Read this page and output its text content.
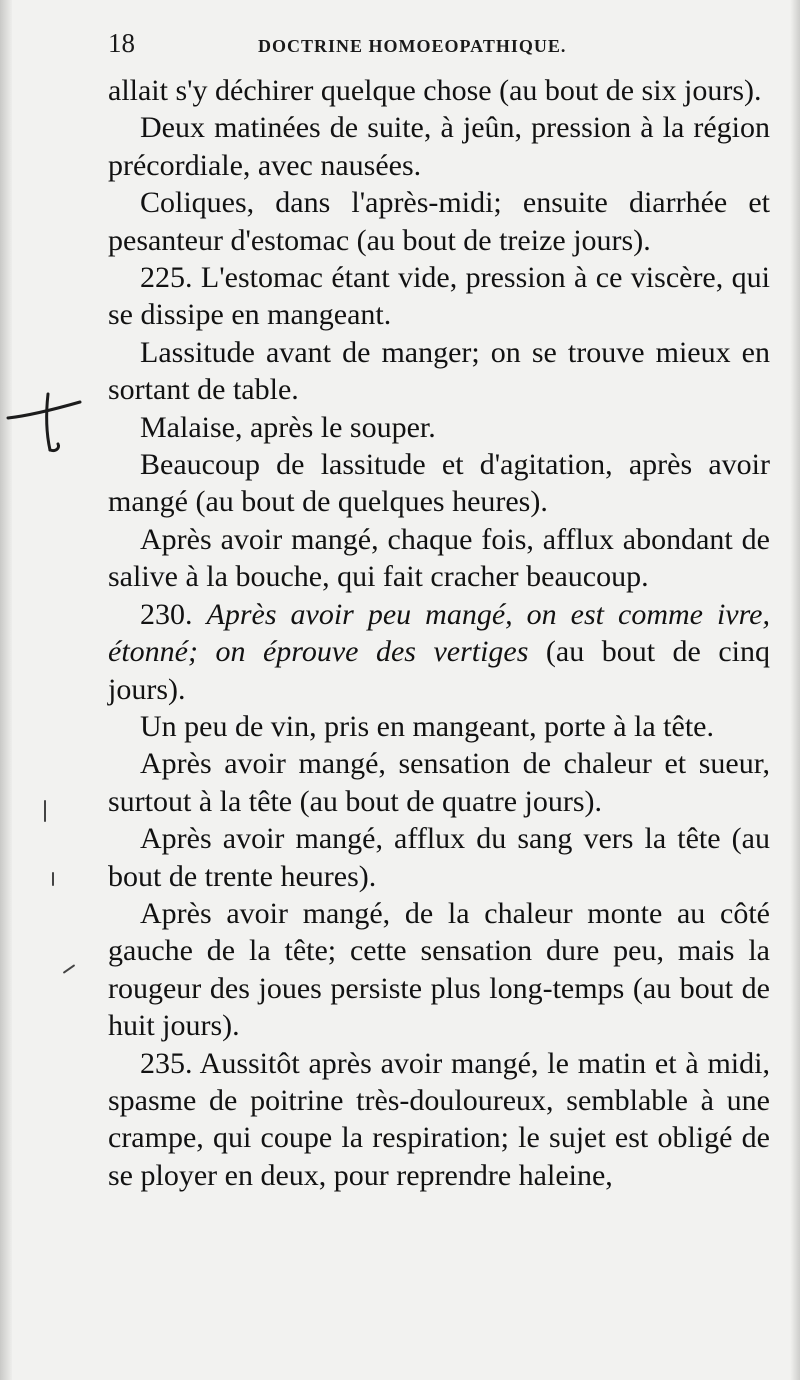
18	DOCTRINE HOMOEOPATHIQUE.

allait s'y déchirer quelque chose (au bout de six jours).

Deux matinées de suite, à jeûn, pression à la région précordiale, avec nausées.

Coliques, dans l'après-midi; ensuite diarrhée et pesanteur d'estomac (au bout de treize jours).

225. L'estomac étant vide, pression à ce viscère, qui se dissipe en mangeant.

Lassitude avant de manger; on se trouve mieux en sortant de table.

Malaise, après le souper.

Beaucoup de lassitude et d'agitation, après avoir mangé (au bout de quelques heures).

Après avoir mangé, chaque fois, afflux abondant de salive à la bouche, qui fait cracher beaucoup.

230. Après avoir peu mangé, on est comme ivre, étonné; on éprouve des vertiges (au bout de cinq jours).

Un peu de vin, pris en mangeant, porte à la tête.

Après avoir mangé, sensation de chaleur et sueur, surtout à la tête (au bout de quatre jours).

Après avoir mangé, afflux du sang vers la tête (au bout de trente heures).

Après avoir mangé, de la chaleur monte au côté gauche de la tête; cette sensation dure peu, mais la rougeur des joues persiste plus long-temps (au bout de huit jours).

235. Aussitôt après avoir mangé, le matin et à midi, spasme de poitrine très-douloureux, semblable à une crampe, qui coupe la respiration; le sujet est obligé de se ployer en deux, pour reprendre haleine,
